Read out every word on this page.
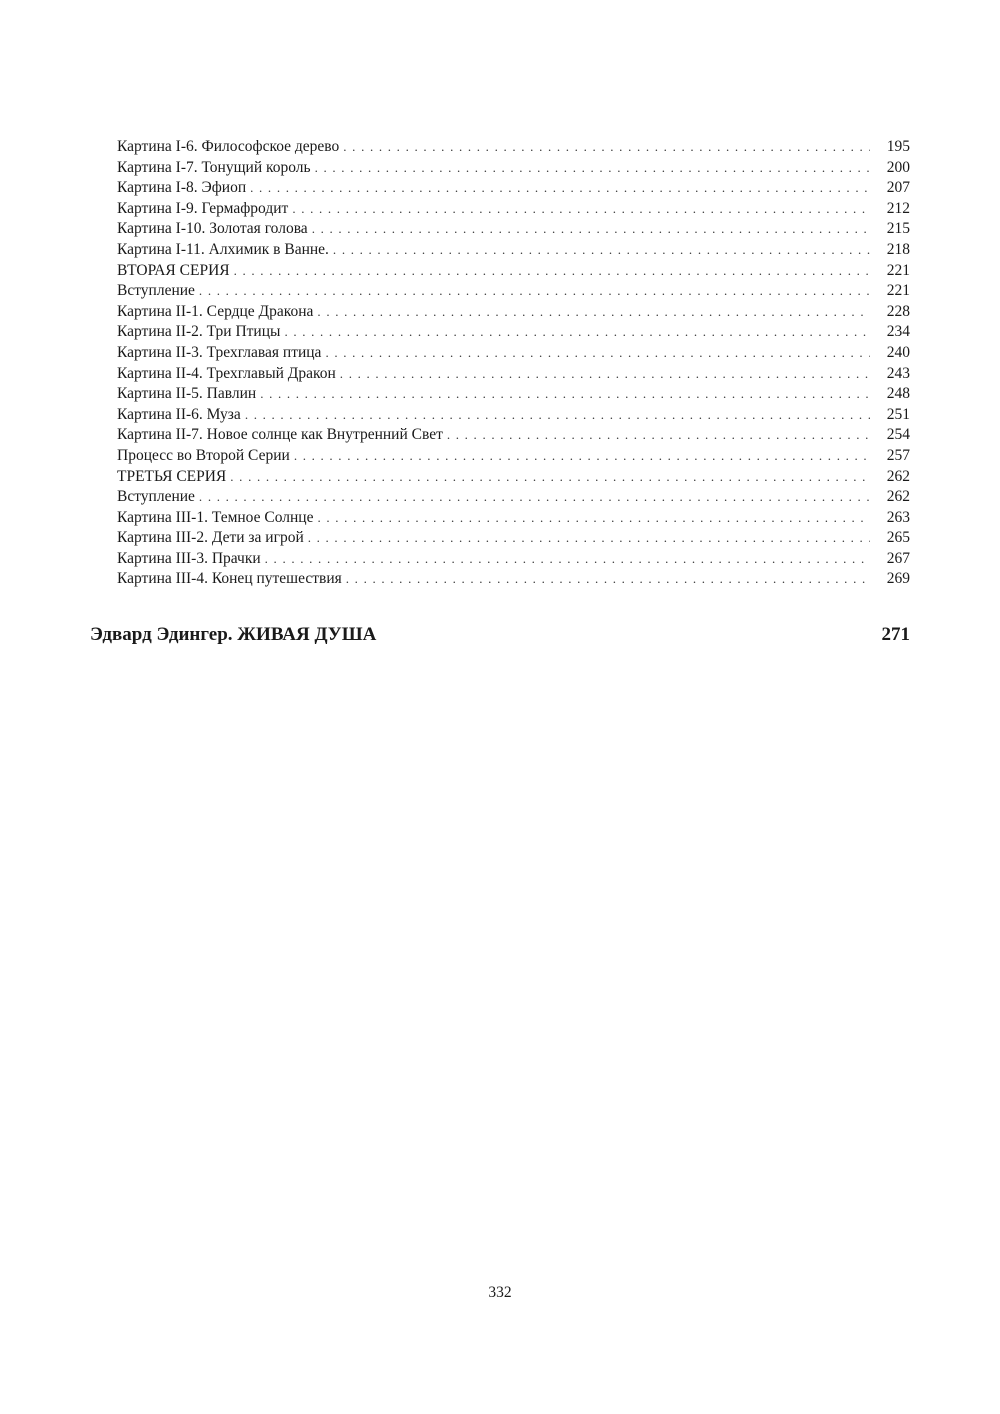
Картина I-6. Философское дерево . . .	195
Картина I-7. Тонущий король . . .	200
Картина I-8. Эфиоп . . .	207
Картина I-9. Гермафродит . . .	212
Картина I-10. Золотая голова . . .	215
Картина I-11. Алхимик в Ванне. . . .	218
ВТОРАЯ СЕРИЯ . . .	221
Вступление . . .	221
Картина II-1. Сердце Дракона . . .	228
Картина II-2. Три Птицы . . .	234
Картина II-3. Трехглавая птица . . .	240
Картина II-4. Трехглавый Дракон . . .	243
Картина II-5. Павлин . . .	248
Картина II-6. Муза . . .	251
Картина II-7. Новое солнце как Внутренний Свет . . .	254
Процесс во Второй Серии . . .	257
ТРЕТЬЯ СЕРИЯ . . .	262
Вступление . . .	262
Картина III-1. Темное Солнце . . .	263
Картина III-2. Дети за игрой . . .	265
Картина III-3. Прачки . . .	267
Картина III-4. Конец путешествия . . .	269
Эдвард Эдингер. ЖИВАЯ ДУША	271
332
